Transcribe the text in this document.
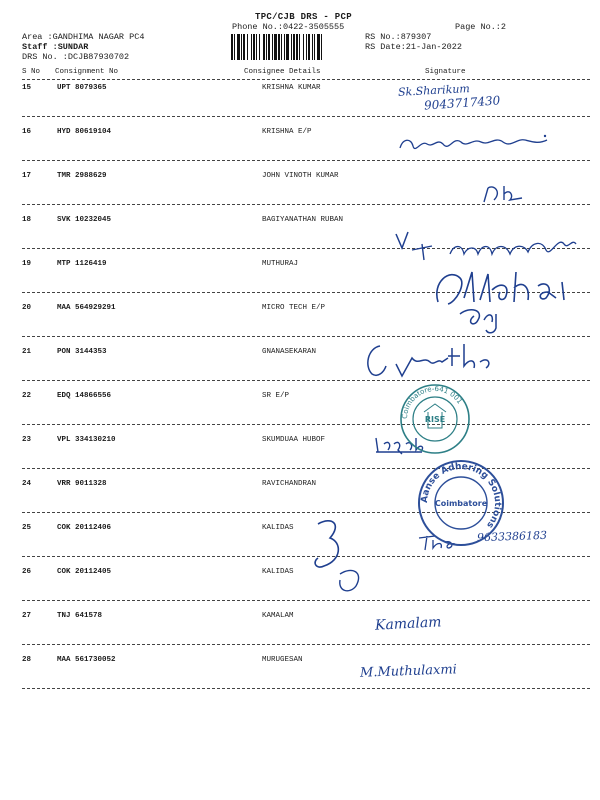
TPC/CJB DRS - PCP
Phone No.:0422-3505555	Page No.:2
Area :GANDHIMA NAGAR PC4
Staff :SUNDAR
DRS No. :DCJB87930702
RS No.:879307
RS Date:21-Jan-2022
S No Consignment No	Consignee Details	Signature
15	UPT 8079365	KRISHNA KUMAR
16	HYD 80619104	KRISHNA E/P
17	TMR 2988629	JOHN VINOTH KUMAR
18	SVK 10232045	BAGIYANATHAN RUBAN
19	MTP 1126419	MUTHURAJ
20	MAA 564929291	MICRO TECH E/P
21	PON 3144353	GNANASEKARAN
22	EDQ 14866556	SR E/P
23	VPL 334130210	SKUMDUAA HUBOF
24	VRR 9011328	RAVICHANDRAN
25	COK 20112406	KALIDAS
26	COK 20112405	KALIDAS
27	TNJ 641578	KAMALAM
28	MAA 561730052	MURUGESAN
Sk.Sharikum
9043717430
9633386183
Kamalam
M.Muthulaxmi
Coimbatore-641 001
RISE
Aanse Adhering Solutions
Coimbatore
